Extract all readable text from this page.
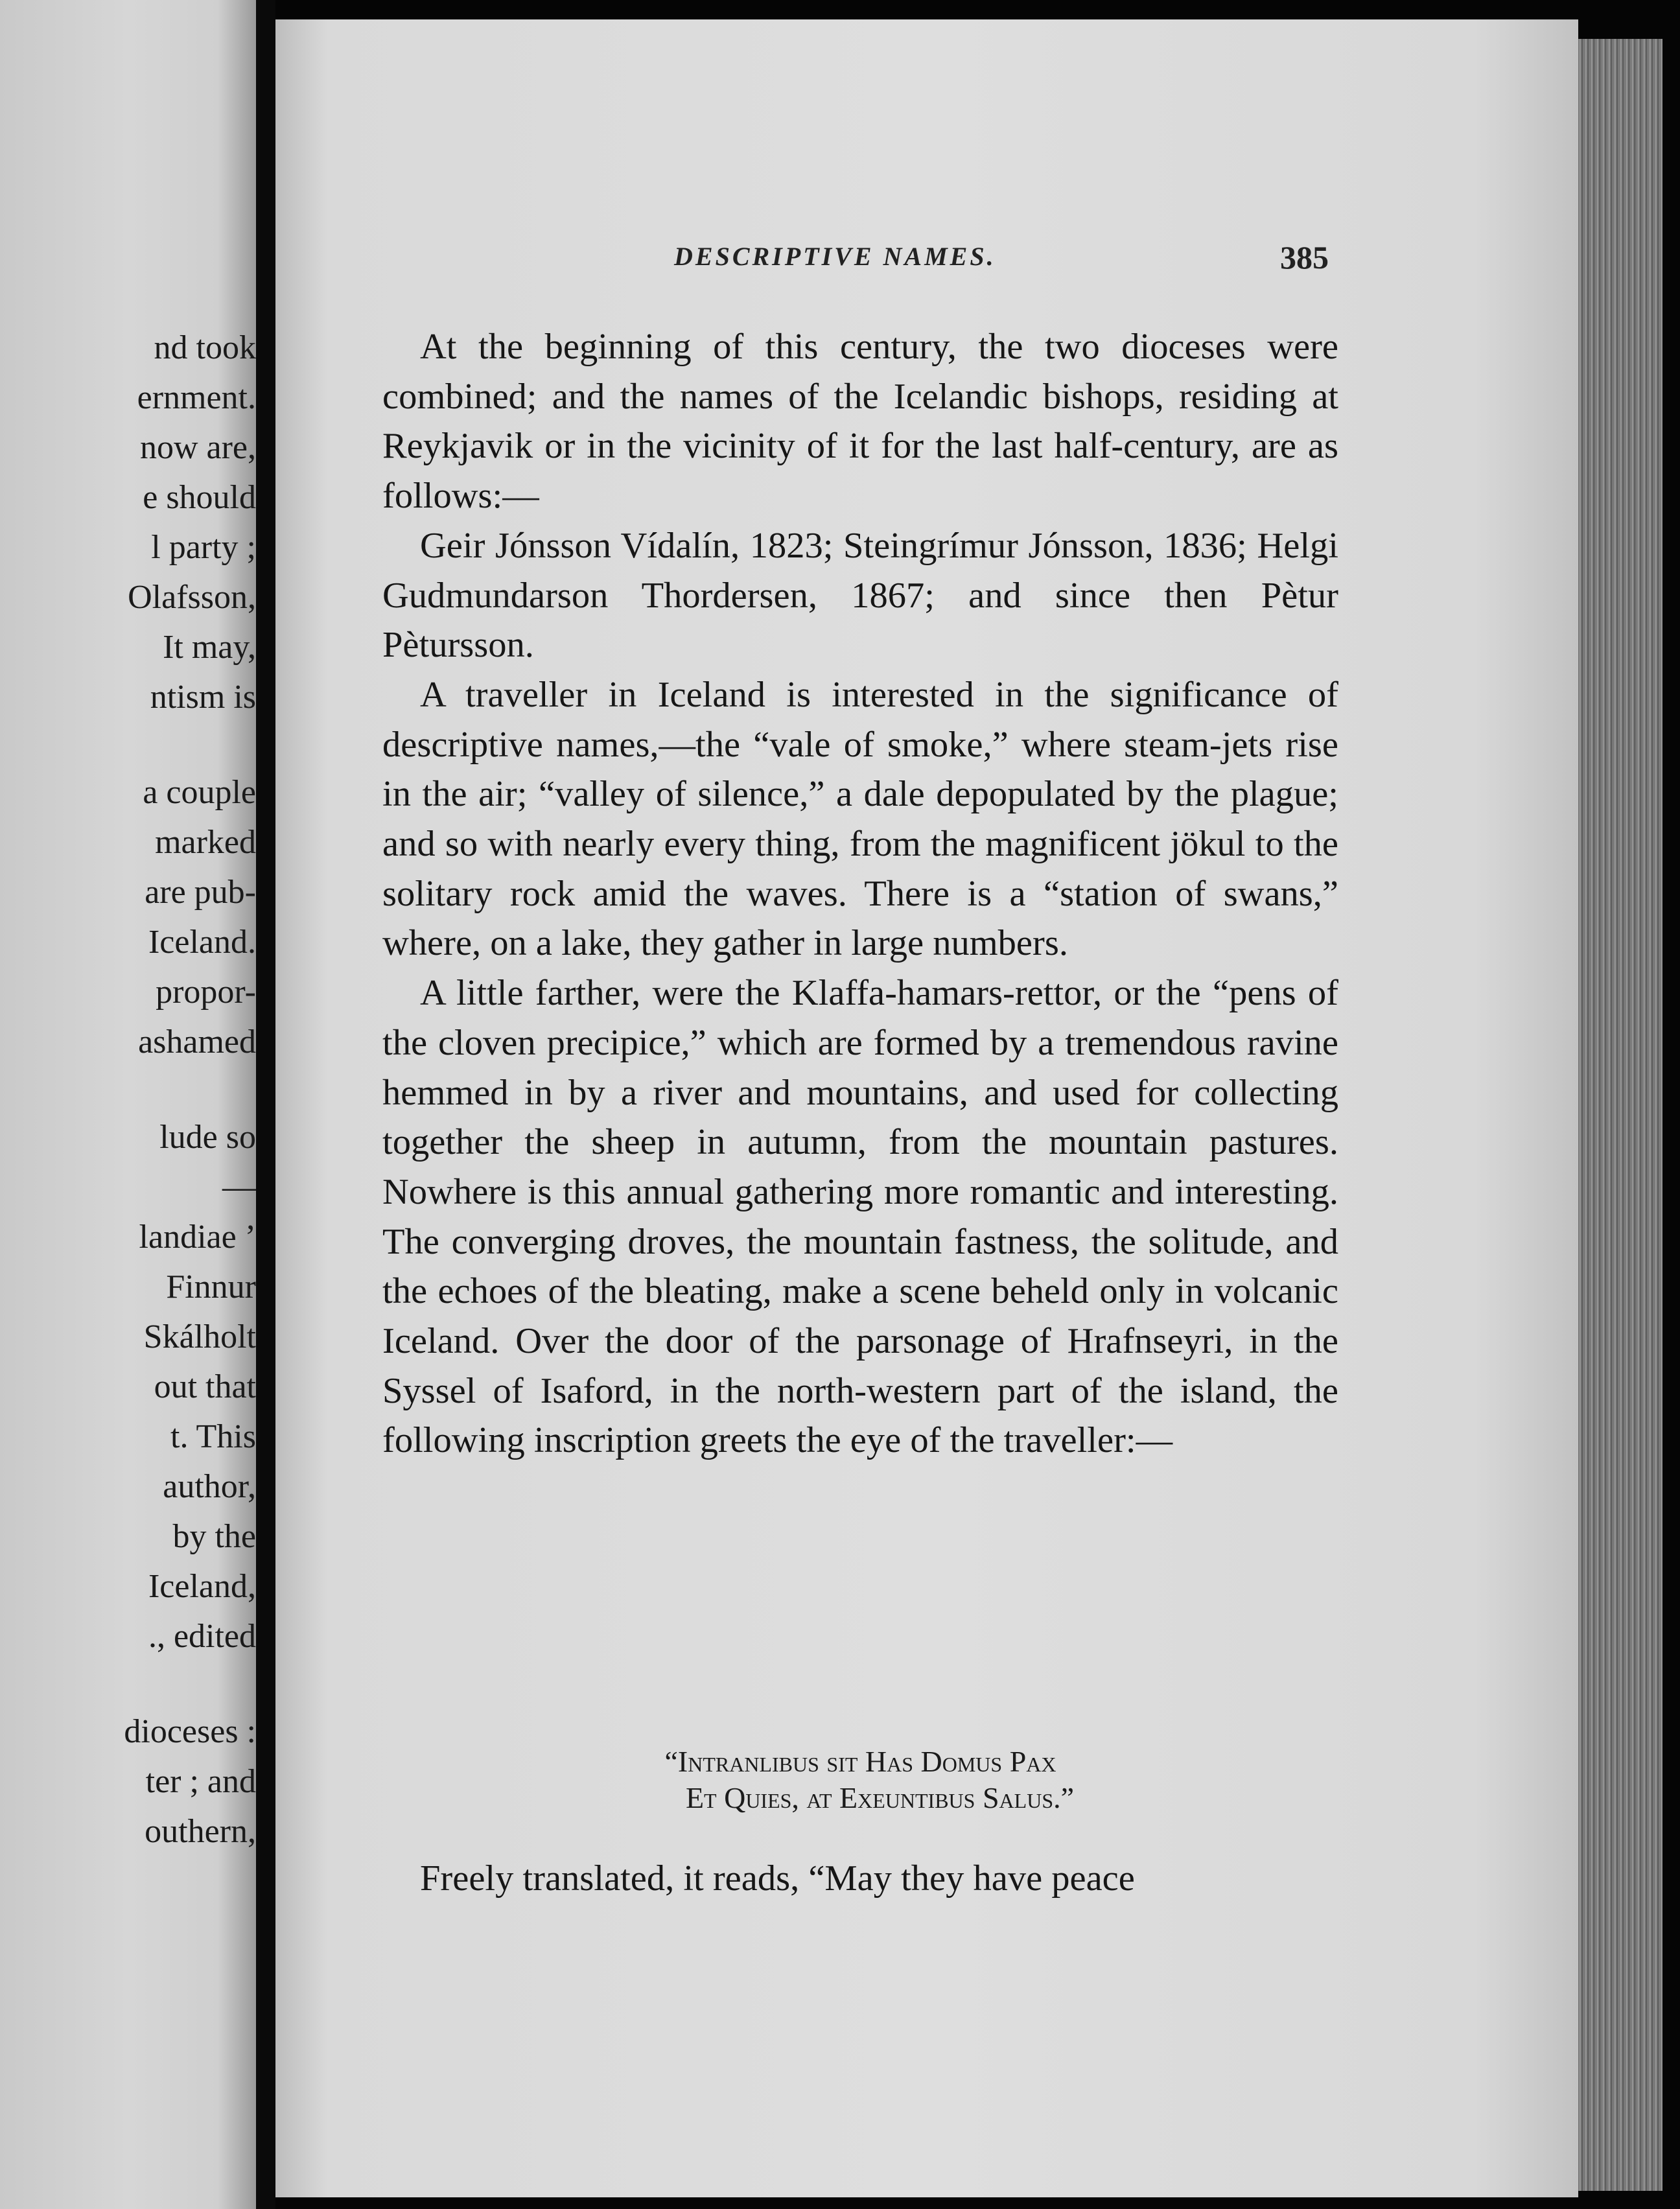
nd took
ernment.
now are,
e should
l party ;
Olafsson,
It may,
ntism is
a couple
marked
are pub-
Iceland.
propor-
ashamed
lude so
—
landiae ’
Finnur
Skálholt
out that
t. This
author,
by the
Iceland,
., edited
dioceses :
ter ; and
outhern,
DESCRIPTIVE NAMES.	385

At the beginning of this century, the two dioceses were combined; and the names of the Icelandic bishops, residing at Reykjavik or in the vicinity of it for the last half-century, are as follows:—

Geir Jónsson Vídalín, 1823; Steingrímur Jónsson, 1836; Helgi Gudmundarson Thordersen, 1867; and since then Pètur Pètursson.

A traveller in Iceland is interested in the significance of descriptive names,—the “vale of smoke,” where steam-jets rise in the air; “valley of silence,” a dale depopulated by the plague; and so with nearly every thing, from the magnificent jökul to the solitary rock amid the waves. There is a “station of swans,” where, on a lake, they gather in large numbers.

A little farther, were the Klaffa-hamars-rettor, or the “pens of the cloven precipice,” which are formed by a tremendous ravine hemmed in by a river and mountains, and used for collecting together the sheep in autumn, from the mountain pastures. Nowhere is this annual gathering more romantic and interesting. The converging droves, the mountain fastness, the solitude, and the echoes of the bleating, make a scene beheld only in volcanic Iceland. Over the door of the parsonage of Hrafnseyri, in the Syssel of Isaford, in the north-western part of the island, the following inscription greets the eye of the traveller:—

“Intranlibus sit Has Domus Pax
Et Quies, at Exeuntibus Salus.”
Freely translated, it reads, “May they have peace
